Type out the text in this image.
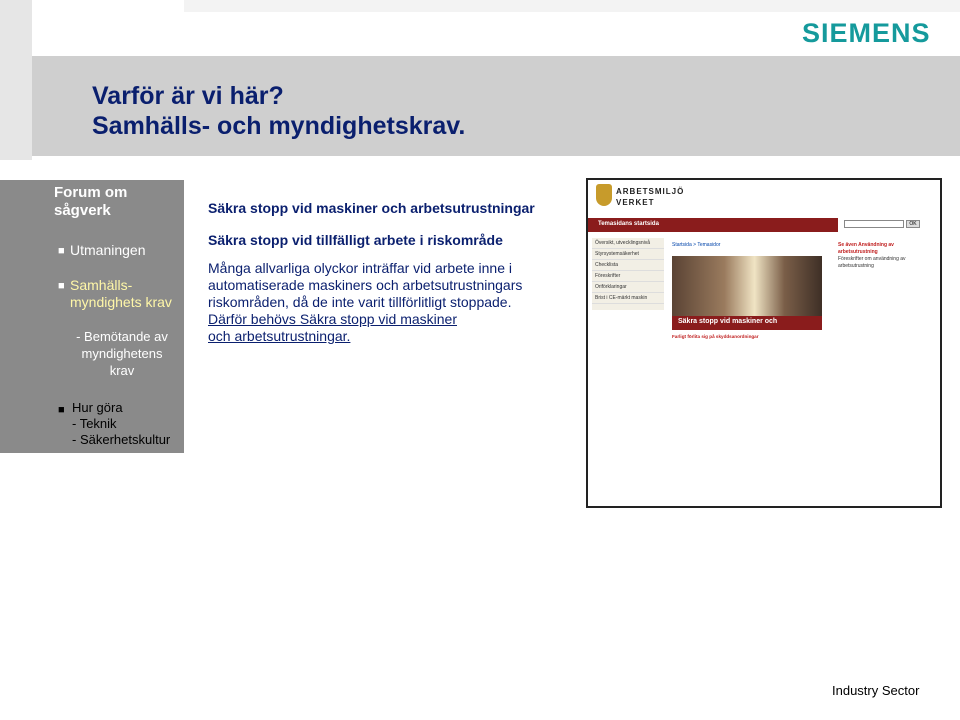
SIEMENS
Varför är vi här?
Samhälls- och myndighetskrav.
Forum om sågverk
■ Utmaningen
■ Samhälls-
myndighets krav
- Bemötande av
myndighetens
krav
■ Hur göra
- Teknik
- Säkerhetskultur
Säkra stopp vid maskiner och arbetsutrustningar
Säkra stopp vid tillfälligt arbete i riskområde
Många allvarliga olyckor inträffar vid arbete inne i
automatiserade maskiners och arbetsutrustningars
riskområden, då de inte varit tillförlitligt stoppade.
Därför behövs Säkra stopp vid maskiner
och arbetsutrustningar.
ARBETSMILJÖ
VERKET
OK
Temasidans startsida
Översikt, utvecklingsnivå
Styrsystemsäkerhet
Checklista
Föreskrifter
Oriförklaringar
Brist i CE-märkt maskin
Startsida > Temasidor
Säkra stopp vid maskiner och
Se även Användning av arbetsutrustning
Föreskrifter om användning av arbetsutrustning
Farligt förlita sig på skyddsanordningar
Industry Sector
